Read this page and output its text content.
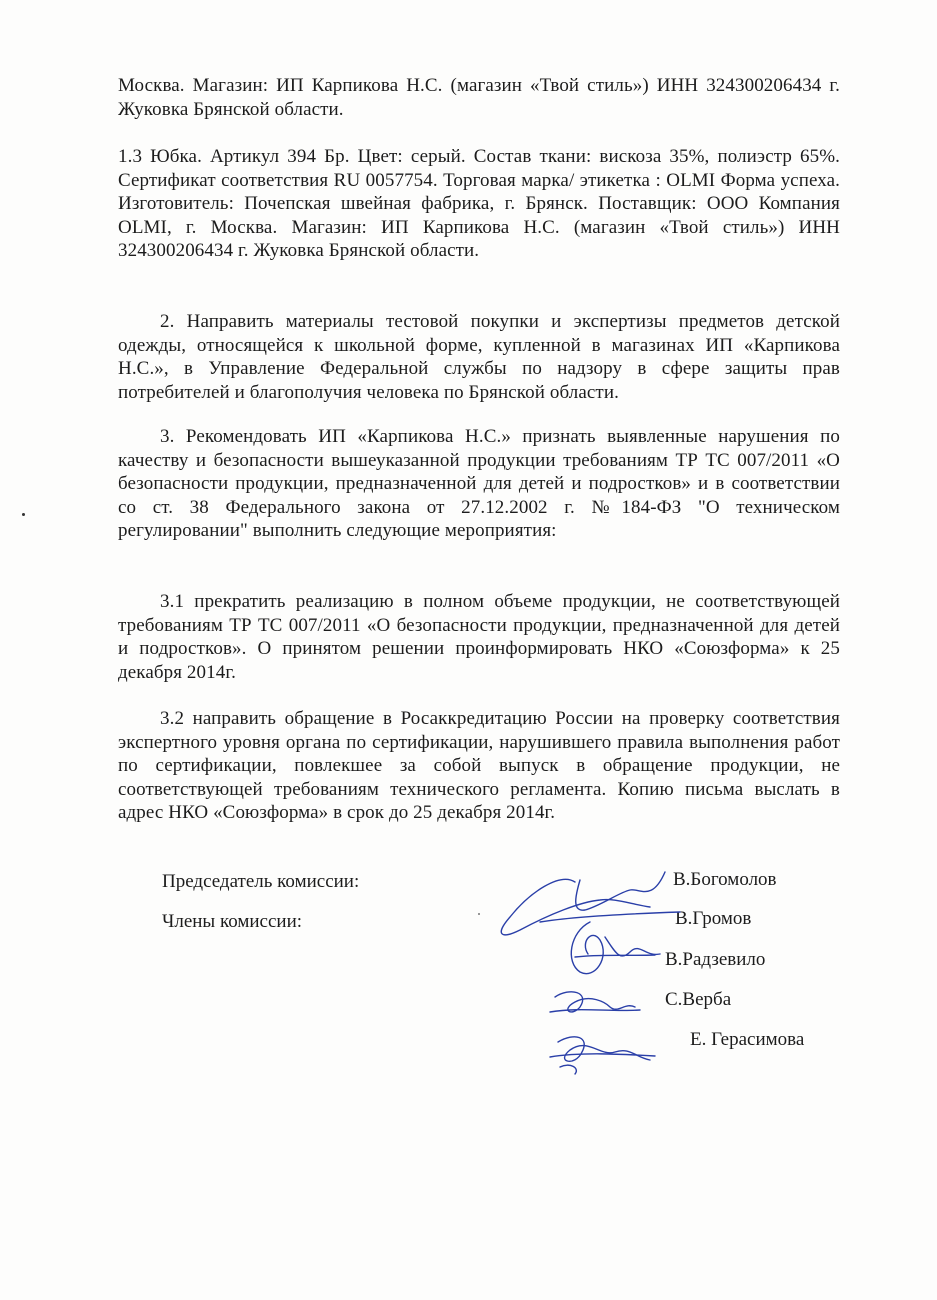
Москва. Магазин: ИП Карпикова Н.С. (магазин «Твой стиль») ИНН 324300206434 г. Жуковка Брянской области.
1.3 Юбка. Артикул 394 Бр. Цвет: серый. Состав ткани: вискоза 35%, полиэстр 65%. Сертификат соответствия RU 0057754. Торговая марка/ этикетка : OLMI Форма успеха. Изготовитель: Почепская швейная фабрика, г. Брянск. Поставщик: ООО Компания OLMI, г. Москва. Магазин: ИП Карпикова Н.С. (магазин «Твой стиль») ИНН 324300206434 г. Жуковка Брянской области.
2. Направить материалы тестовой покупки и экспертизы предметов детской одежды, относящейся к школьной форме, купленной в магазинах ИП «Карпикова Н.С.», в Управление Федеральной службы по надзору в сфере защиты прав потребителей и благополучия человека по Брянской области.
3. Рекомендовать ИП «Карпикова Н.С.» признать выявленные нарушения по качеству и безопасности вышеуказанной продукции требованиям ТР ТС 007/2011 «О безопасности продукции, предназначенной для детей и подростков» и в соответствии со ст. 38 Федерального закона от 27.12.2002 г. №184-ФЗ "О техническом регулировании" выполнить следующие мероприятия:
3.1 прекратить реализацию в полном объеме продукции, не соответствующей требованиям ТР ТС 007/2011 «О безопасности продукции, предназначенной для детей и подростков». О принятом решении проинформировать НКО «Союзформа» к 25 декабря 2014г.
3.2 направить обращение в Росаккредитацию России на проверку соответствия экспертного уровня органа по сертификации, нарушившего правила выполнения работ по сертификации, повлекшее за собой выпуск в обращение продукции, не соответствующей требованиям технического регламента. Копию письма выслать в адрес НКО «Союзформа» в срок до 25 декабря 2014г.
Председатель комиссии:
Члены комиссии:
В.Богомолов
В.Громов
В.Радзевило
С.Верба
Е. Герасимова
